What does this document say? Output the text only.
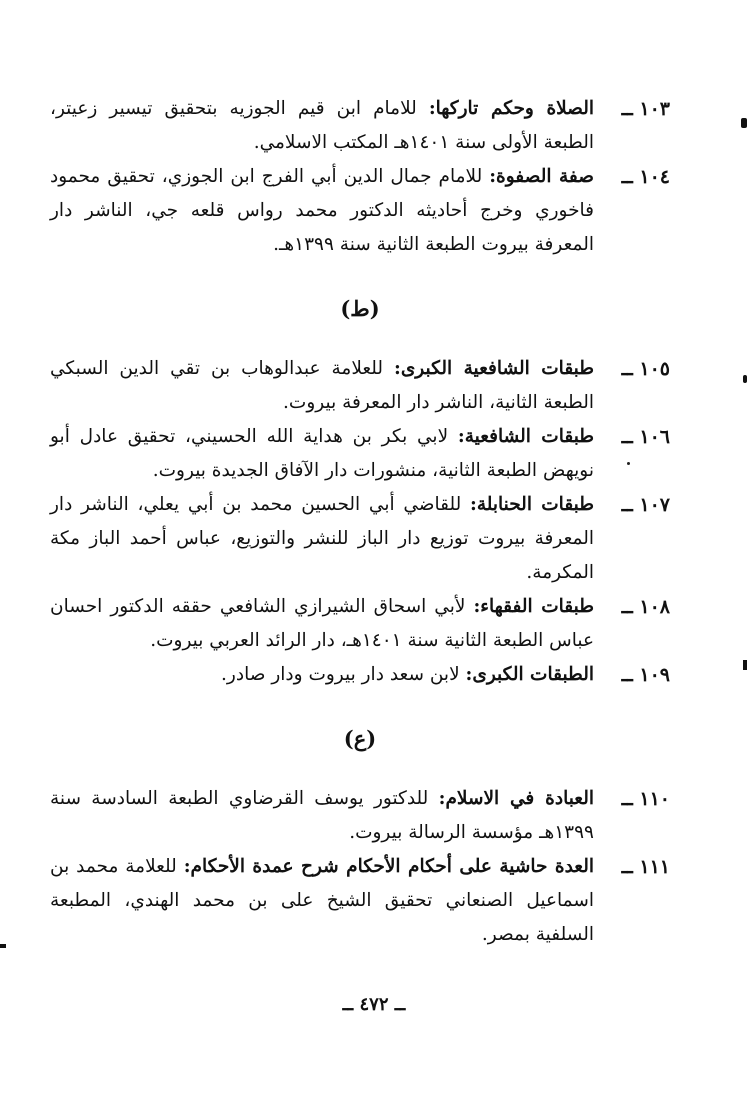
١٠٣ ــ
الصلاة وحكم تاركها: للامام ابن قيم الجوزيه بتحقيق تيسير زعيتر، الطبعة الأولى سنة ١٤٠١هـ المكتب الاسلامي.
١٠٤ ــ
صفة الصفوة: للامام جمال الدين أبي الفرج ابن الجوزي، تحقيق محمود فاخوري وخرج أحاديثه الدكتور محمد رواس قلعه جي، الناشر دار المعرفة بيروت الطبعة الثانية سنة ١٣٩٩هـ.
(ط)
١٠٥ ــ
طبقات الشافعية الكبرى: للعلامة عبدالوهاب بن تقي الدين السبكي الطبعة الثانية، الناشر دار المعرفة بيروت.
١٠٦ ــ
طبقات الشافعية: لابي بكر بن هداية الله الحسيني، تحقيق عادل أبو نويهض الطبعة الثانية، منشورات دار الآفاق الجديدة بيروت.
١٠٧ ــ
طبقات الحنابلة: للقاضي أبي الحسين محمد بن أبي يعلي، الناشر دار المعرفة بيروت توزيع دار الباز للنشر والتوزيع، عباس أحمد الباز مكة المكرمة.
١٠٨ ــ
طبقات الفقهاء: لأبي اسحاق الشيرازي الشافعي حققه الدكتور احسان عباس الطبعة الثانية سنة ١٤٠١هـ، دار الرائد العربي بيروت.
١٠٩ ــ
الطبقات الكبرى: لابن سعد دار بيروت ودار صادر.
(ع)
١١٠ ــ
العبادة في الاسلام: للدكتور يوسف القرضاوي الطبعة السادسة سنة ١٣٩٩هـ مؤسسة الرسالة بيروت.
١١١ ــ
العدة حاشية على أحكام الأحكام شرح عمدة الأحكام: للعلامة محمد بن اسماعيل الصنعاني تحقيق الشيخ على بن محمد الهندي، المطبعة السلفية بمصر.
ــ ٤٧٢ ــ
